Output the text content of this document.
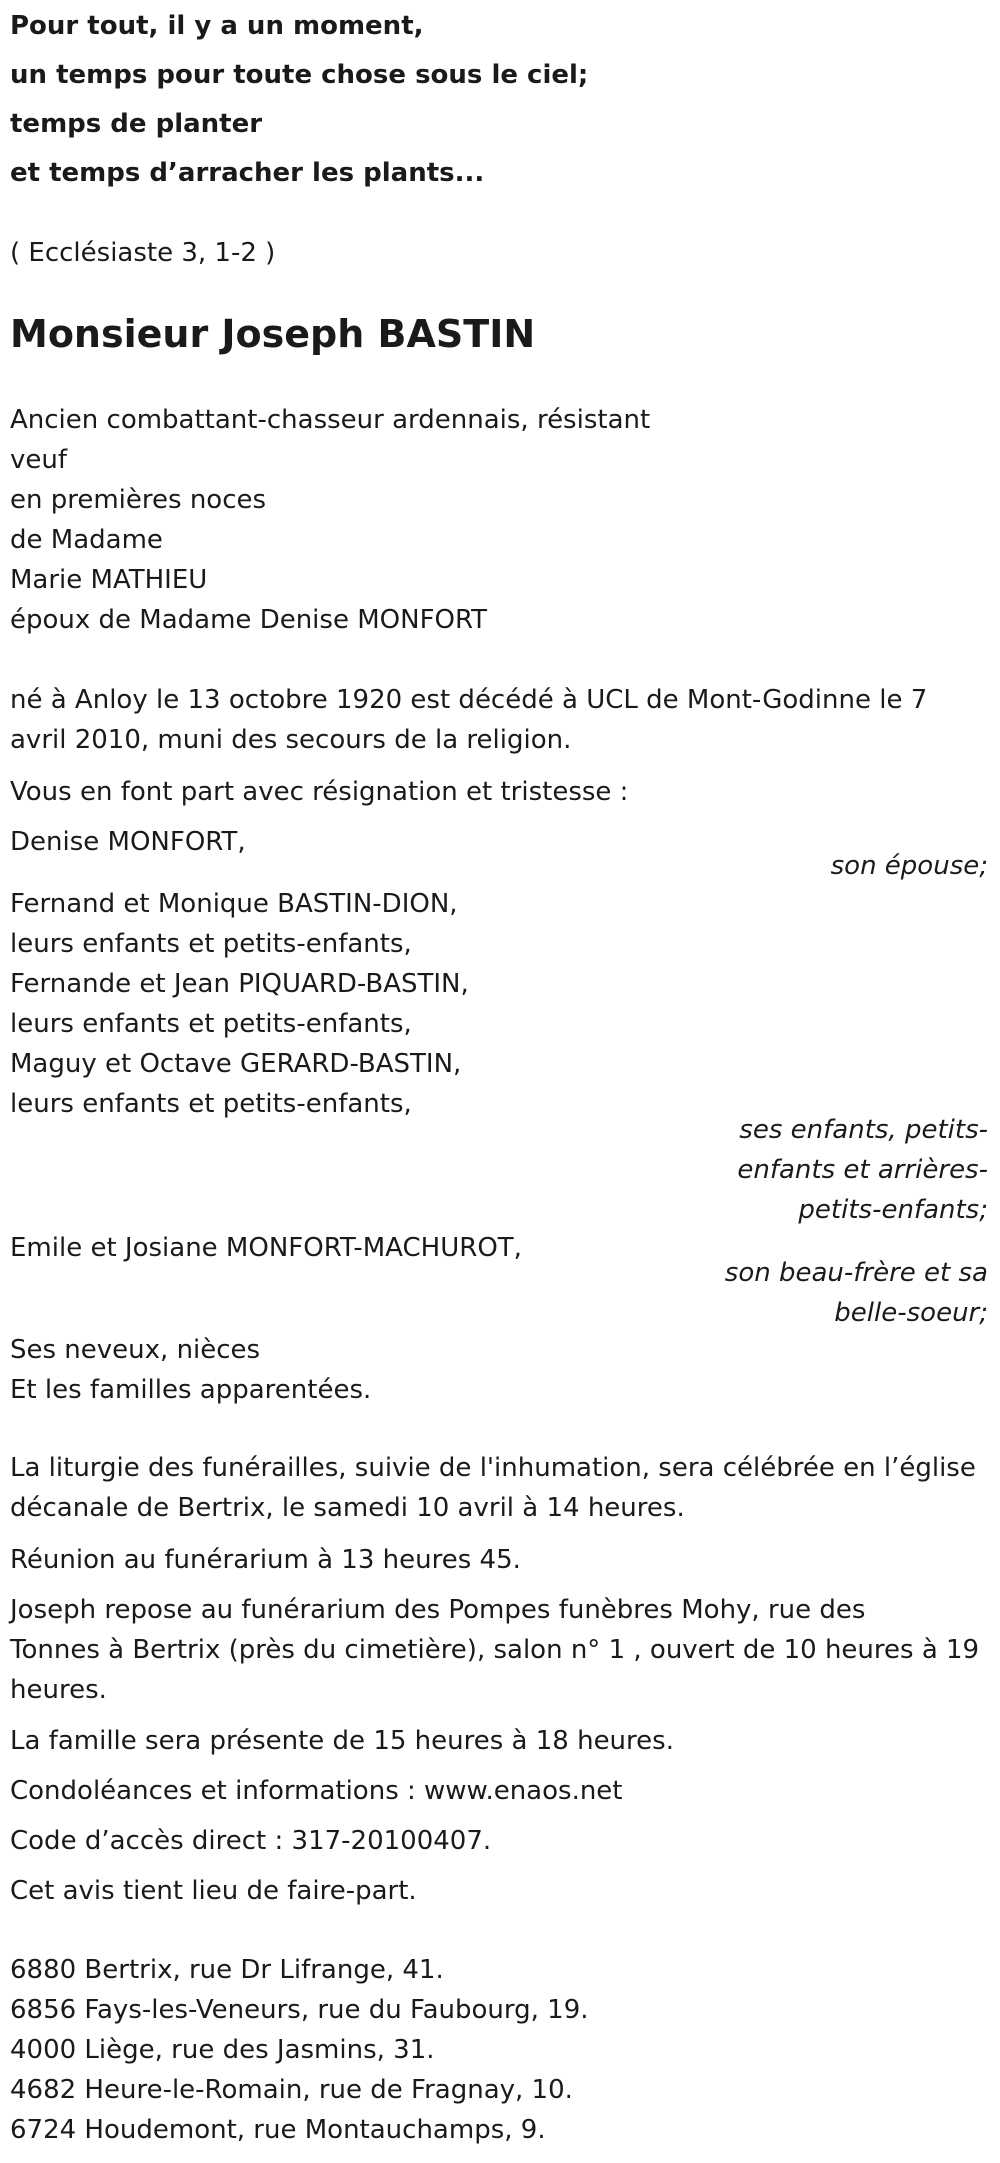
Pour tout, il y a un moment,
un temps pour toute chose sous le ciel;
temps de planter
et temps d’arracher les plants...
( Ecclésiaste 3, 1-2 )
Monsieur Joseph BASTIN
Ancien combattant-chasseur ardennais, résistant
veuf
en premières noces
de Madame
Marie MATHIEU
époux de Madame Denise MONFORT
né à Anloy le 13 octobre 1920 est décédé à UCL de Mont-Godinne le 7
avril 2010, muni des secours de la religion.
Vous en font part avec résignation et tristesse :
Denise MONFORT,
son épouse;
Fernand et Monique BASTIN-DION,
leurs enfants et petits-enfants,
Fernande et Jean PIQUARD-BASTIN,
leurs enfants et petits-enfants,
Maguy et Octave GERARD-BASTIN,
leurs enfants et petits-enfants,
ses enfants, petits-
enfants et arrières-
petits-enfants;
Emile et Josiane MONFORT-MACHUROT,
son beau-frère et sa
belle-soeur;
Ses neveux, nièces
Et les familles apparentées.
La liturgie des funérailles, suivie de l'inhumation, sera célébrée en l’église
décanale de Bertrix, le samedi 10 avril à 14 heures.
Réunion au funérarium à 13 heures 45.
Joseph repose au funérarium des Pompes funèbres Mohy, rue des
Tonnes à Bertrix (près du cimetière), salon n° 1 , ouvert de 10 heures à 19
heures.
La famille sera présente de 15 heures à 18 heures.
Condoléances et informations : www.enaos.net
Code d’accès direct : 317-20100407.
Cet avis tient lieu de faire-part.
6880 Bertrix, rue Dr Lifrange, 41.
6856 Fays-les-Veneurs, rue du Faubourg, 19.
4000 Liège, rue des Jasmins, 31.
4682 Heure-le-Romain, rue de Fragnay, 10.
6724 Houdemont, rue Montauchamps, 9.
